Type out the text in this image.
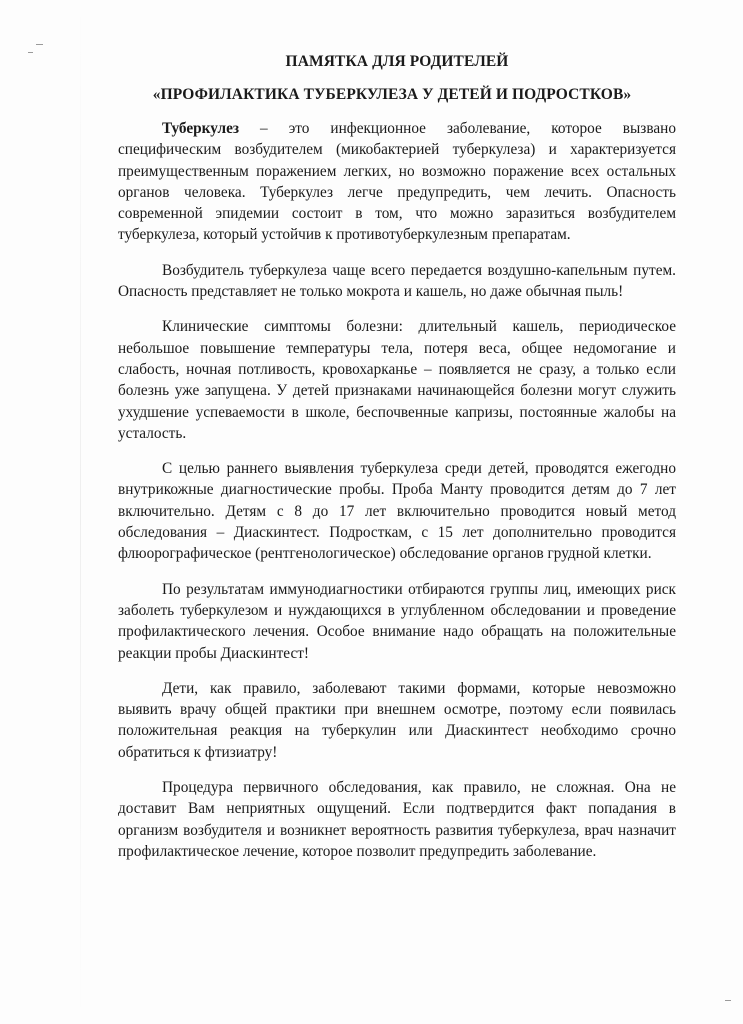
ПАМЯТКА ДЛЯ РОДИТЕЛЕЙ
«ПРОФИЛАКТИКА ТУБЕРКУЛЕЗА У ДЕТЕЙ И ПОДРОСТКОВ»

Туберкулез – это инфекционное заболевание, которое вызвано специфическим возбудителем (микобактерией туберкулеза) и характеризуется преимущественным поражением легких, но возможно поражение всех остальных органов человека. Туберкулез легче предупредить, чем лечить. Опасность современной эпидемии состоит в том, что можно заразиться возбудителем туберкулеза, который устойчив к противотуберкулезным препаратам.

Возбудитель туберкулеза чаще всего передается воздушно-капельным путем. Опасность представляет не только мокрота и кашель, но даже обычная пыль!

Клинические симптомы болезни: длительный кашель, периодическое небольшое повышение температуры тела, потеря веса, общее недомогание и слабость, ночная потливость, кровохарканье – появляется не сразу, а только если болезнь уже запущена. У детей признаками начинающейся болезни могут служить ухудшение успеваемости в школе, беспочвенные капризы, постоянные жалобы на усталость.

С целью раннего выявления туберкулеза среди детей, проводятся ежегодно внутрикожные диагностические пробы. Проба Манту проводится детям до 7 лет включительно. Детям с 8 до 17 лет включительно проводится новый метод обследования – Диаскинтест. Подросткам, с 15 лет дополнительно проводится флюорографическое (рентгенологическое) обследование органов грудной клетки.

По результатам иммунодиагностики отбираются группы лиц, имеющих риск заболеть туберкулезом и нуждающихся в углубленном обследовании и проведение профилактического лечения. Особое внимание надо обращать на положительные реакции пробы Диаскинтест!

Дети, как правило, заболевают такими формами, которые невозможно выявить врачу общей практики при внешнем осмотре, поэтому если появилась положительная реакция на туберкулин или Диаскинтест необходимо срочно обратиться к фтизиатру!

Процедура первичного обследования, как правило, не сложная. Она не доставит Вам неприятных ощущений. Если подтвердится факт попадания в организм возбудителя и возникнет вероятность развития туберкулеза, врач назначит профилактическое лечение, которое позволит предупредить заболевание.
